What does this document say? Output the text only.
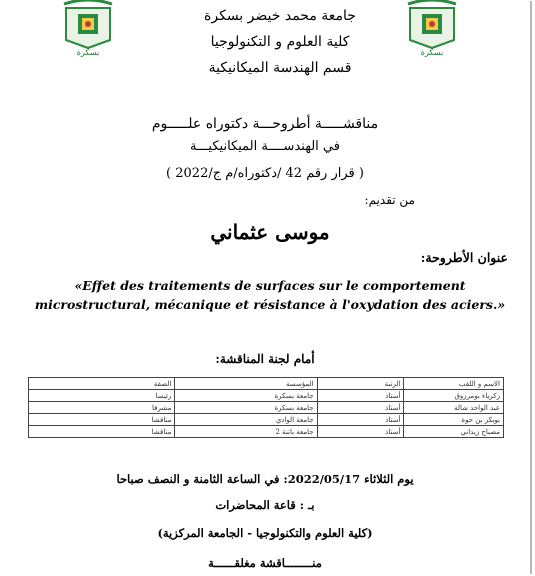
بسكرة	بسكرة
جامعة محمد خيضر بسكرة
كلية العلوم و التكنولوجيا
قسم الهندسة الميكانيكية
مناقشـــــة أطروحـــة دكتوراه علـــــوم
في الهندســــة الميكانيكيـــة
( قرار رقم 42 /دكتوراه/م ج/2022 )
من تقديم:
موسى عثماني
عنوان الأطروحة:
«Effet des traitements de surfaces sur le comportement microstructural, mécanique et résistance à l'oxydation des aciers.»
أمام لجنة المناقشة:
الاسم و اللقب	الرتبة	المؤسسة	الصفة
زكرياء بومرزوق	أستاذ	جامعة بسكرة	رئيسا
عبد الواحد شالة	أستاذ	جامعة بسكرة	مشرفا
بوبكر بن حوة	أستاذ	جامعة الوادي	مناقشا
مصباح زيداني	أستاذ	جامعة باتنة 2	مناقشا
يوم الثلاثاء 2022/05/17: في الساعة الثامنة و النصف صباحا
بـ : قاعة المحاضرات
(كلية العلوم والتكنولوجيا - الجامعة المركزية)
منــــــــاقشة مغلقــــــة
